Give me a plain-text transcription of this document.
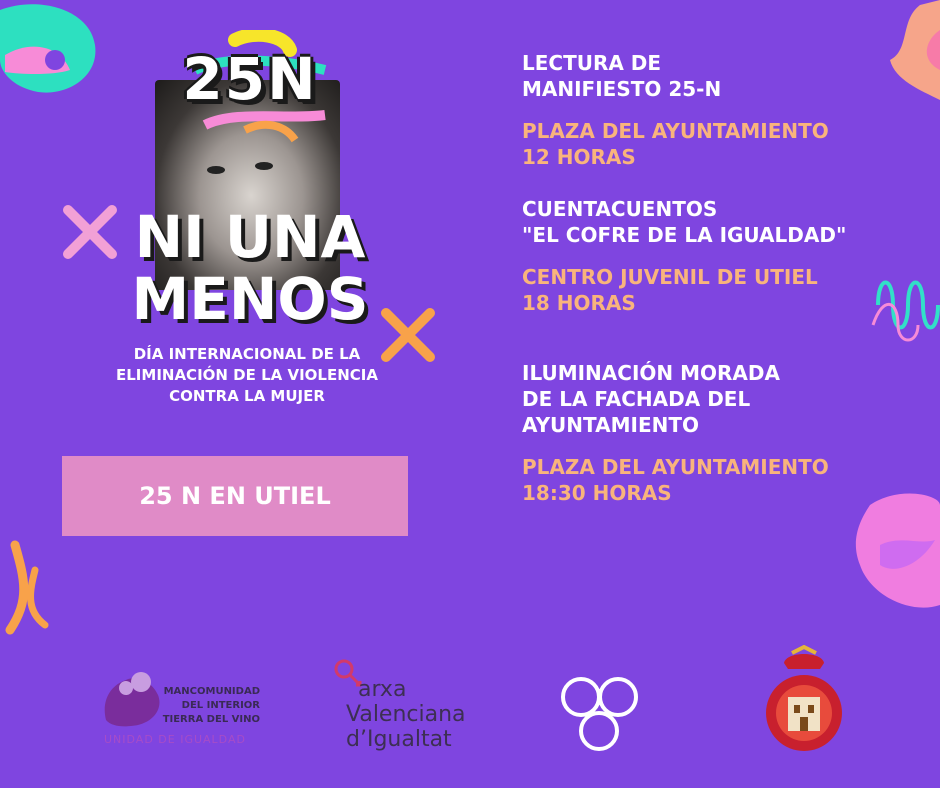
25N
NI UNA
MENOS
DÍA INTERNACIONAL DE LA
ELIMINACIÓN DE LA VIOLENCIA
CONTRA LA MUJER
25 N EN UTIEL
LECTURA DE
MANIFIESTO 25-N
PLAZA DEL AYUNTAMIENTO
12 HORAS
CUENTACUENTOS
"EL COFRE DE LA IGUALDAD"
CENTRO JUVENIL DE UTIEL
18 HORAS
ILUMINACIÓN MORADA
DE LA FACHADA DEL
AYUNTAMIENTO
PLAZA DEL AYUNTAMIENTO
18:30 HORAS
MANCOMUNIDAD
DEL INTERIOR
TIERRA DEL VINO
UNIDAD DE IGUALDAD
arxa
Valenciana
d’Igualtat
